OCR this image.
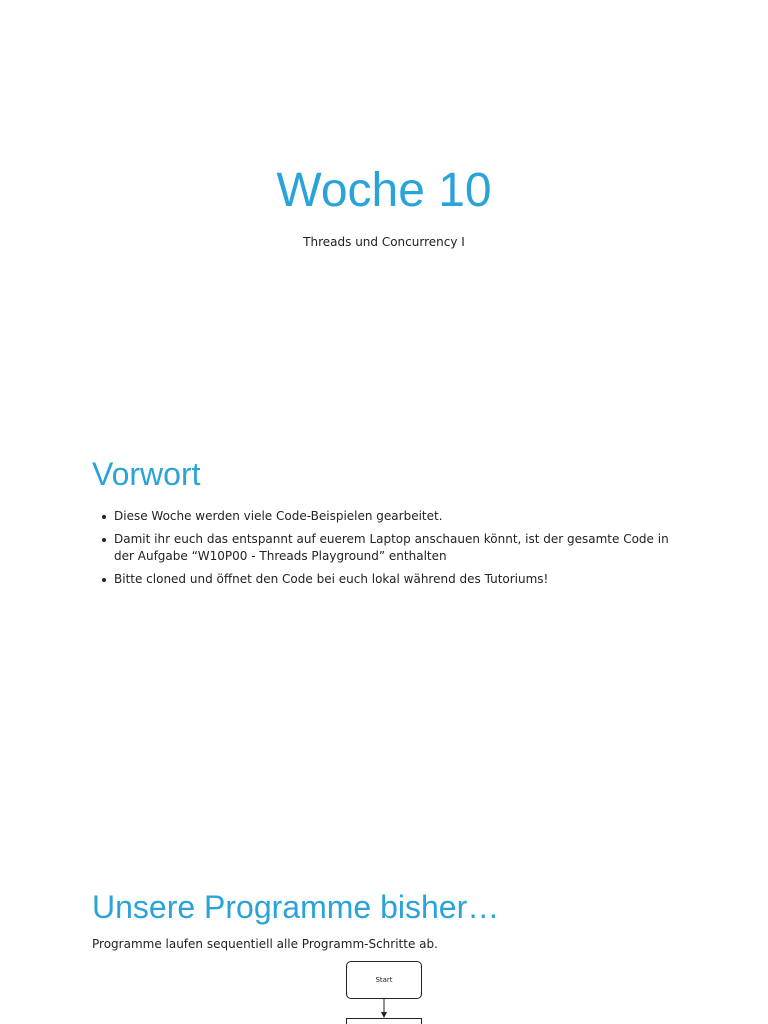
Woche 10
Threads und Concurrency I
Vorwort
Diese Woche werden viele Code-Beispielen gearbeitet.
Damit ihr euch das entspannt auf euerem Laptop anschauen könnt, ist der gesamte Code in der Aufgabe “W10P00 - Threads Playground” enthalten
Bitte cloned und öffnet den Code bei euch lokal während des Tutoriums!
Unsere Programme bisher…
Programme laufen sequentiell alle Programm-Schritte ab.
Start
